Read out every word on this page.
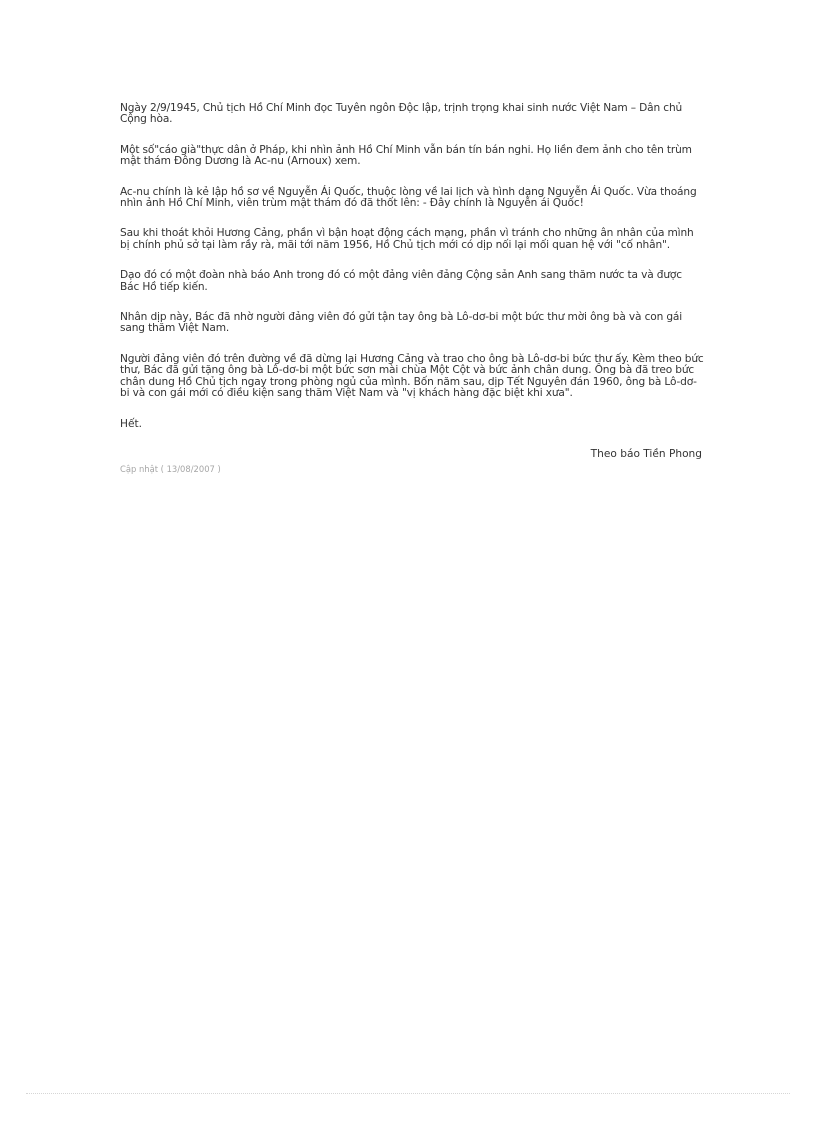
Ngày 2/9/1945, Chủ tịch Hồ Chí Minh đọc Tuyên ngôn Độc lập, trịnh trọng khai sinh nước Việt Nam – Dân chủ Cộng hòa.

Một số"cáo già"thực dân ở Pháp, khi nhìn ảnh Hồ Chí Minh vẫn bán tín bán nghi. Họ liền đem ảnh cho tên trùm mật thám Đông Dương là Ac-nu (Arnoux) xem.

Ac-nu chính là kẻ lập hồ sơ về Nguyễn Ái Quốc, thuộc lòng về lai lịch và hình dạng Nguyễn Ái Quốc. Vừa thoáng nhìn ảnh Hồ Chí Minh, viên trùm mật thám đó đã thốt lên: - Đây chính là Nguyễn ái Quốc!

Sau khi thoát khỏi Hương Cảng, phần vì bận hoạt động cách mạng, phần vì tránh cho những ân nhân của mình bị chính phủ sở tại làm rầy rà, mãi tới năm 1956, Hồ Chủ tịch mới có dịp nối lại mối quan hệ với "cố nhân".

Dạo đó có một đoàn nhà báo Anh trong đó có một đảng viên đảng Cộng sản Anh sang thăm nước ta và được Bác Hồ tiếp kiến.

Nhân dịp này, Bác đã nhờ người đảng viên đó gửi tận tay ông bà Lô-dơ-bi một bức thư mời ông bà và con gái sang thăm Việt Nam.

Người đảng viên đó trên đường về đã dừng lại Hương Cảng và trao cho ông bà Lô-dơ-bi bức thư ấy. Kèm theo bức thư, Bác đã gửi tặng ông bà Lô-dơ-bi một bức sơn mài chùa Một Cột và bức ảnh chân dung. Ông bà đã treo bức chân dung Hồ Chủ tịch ngay trong phòng ngủ của mình. Bốn năm sau, dịp Tết Nguyên đán 1960, ông bà Lô-dơ-bi và con gái mới có điều kiện sang thăm Việt Nam và "vị khách hàng đặc biệt khi xưa".

Hết.

Theo báo Tiền Phong

Cập nhật ( 13/08/2007 )
